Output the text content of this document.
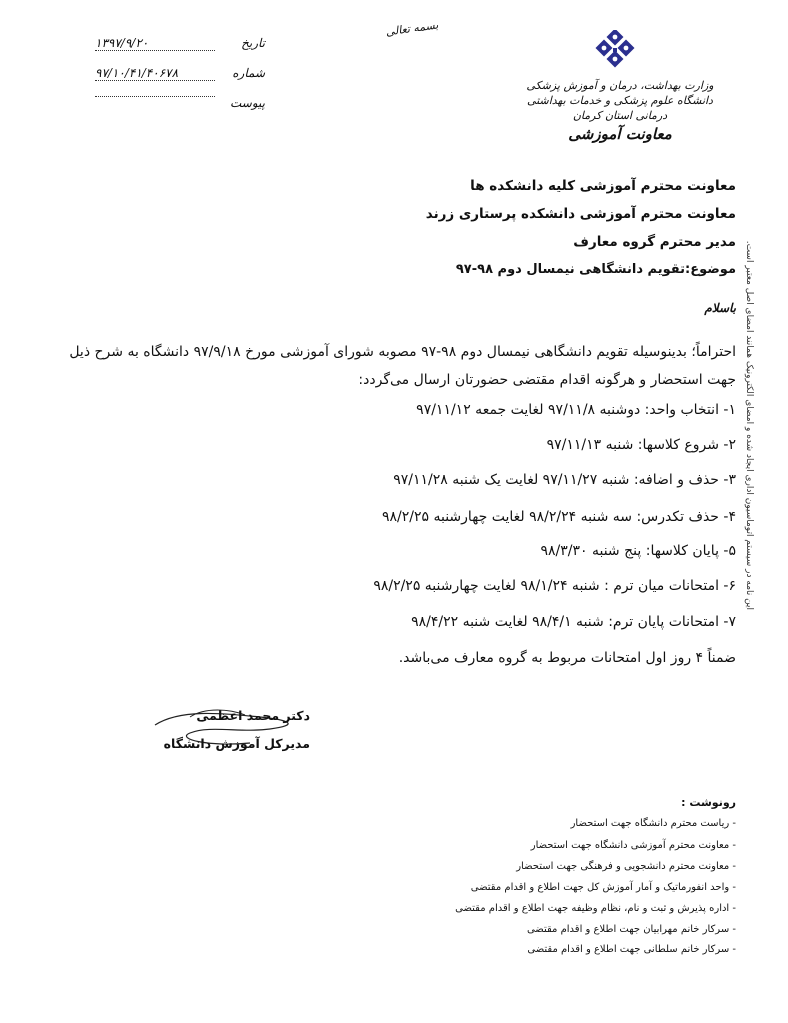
بسمه تعالی
۱۳۹۷/۹/۲۰	تاریخ
۹۷/۱۰/۴۱/۴۰۶۷۸	شماره
پیوست
وزارت بهداشت، درمان و آموزش پزشکی
دانشگاه علوم پزشکی و خدمات بهداشتی درمانی استان کرمان
معاونت آموزشی
معاونت محترم آموزشی کلیه دانشکده ها
معاونت محترم آموزشی دانشکده پرستاری زرند
مدیر محترم گروه معارف
موضوع:تقویم دانشگاهی نیمسال دوم ۹۸-۹۷
باسلام
احتراماً؛ بدینوسیله تقویم دانشگاهی نیمسال دوم ۹۸-۹۷ مصوبه شورای آموزشی مورخ ۹۷/۹/۱۸ دانشگاه به شرح ذیل جهت استحضار و هرگونه اقدام مقتضی حضورتان ارسال می‌گردد:
۱- انتخاب واحد: دوشنبه ۹۷/۱۱/۸ لغایت جمعه ۹۷/۱۱/۱۲
۲- شروع کلاسها: شنبه ۹۷/۱۱/۱۳
۳- حذف و اضافه: شنبه ۹۷/۱۱/۲۷ لغایت یک شنبه ۹۷/۱۱/۲۸
۴- حذف تکدرس: سه شنبه ۹۸/۲/۲۴ لغایت چهارشنبه ۹۸/۲/۲۵
۵- پایان کلاسها: پنج شنبه ۹۸/۳/۳۰
۶- امتحانات میان ترم : شنبه ۹۸/۱/۲۴ لغایت چهارشنبه ۹۸/۲/۲۵
۷- امتحانات پایان ترم: شنبه ۹۸/۴/۱ لغایت شنبه ۹۸/۴/۲۲
ضمناً ۴ روز اول امتحانات مربوط به گروه معارف می‌باشد.
دکتر محمد اعظمی
مدیرکل آموزش دانشگاه
رونوشت :
- ریاست محترم دانشگاه جهت استحضار
- معاونت محترم آموزشی دانشگاه جهت استحضار
- معاونت محترم دانشجویی و فرهنگی جهت استحضار
- واحد انفورماتیک و آمار آموزش کل جهت اطلاع و اقدام مقتضی
- اداره پذیرش و ثبت و نام، نظام وظیفه جهت اطلاع و اقدام مقتضی
- سرکار خانم مهرابیان جهت اطلاع و اقدام مقتضی
- سرکار خانم سلطانی جهت اطلاع و اقدام مقتضی
این نامه در سیستم اتوماسیون اداری ایجاد شده و امضای الکترونیک همانند امضای اصل معتبر است.
